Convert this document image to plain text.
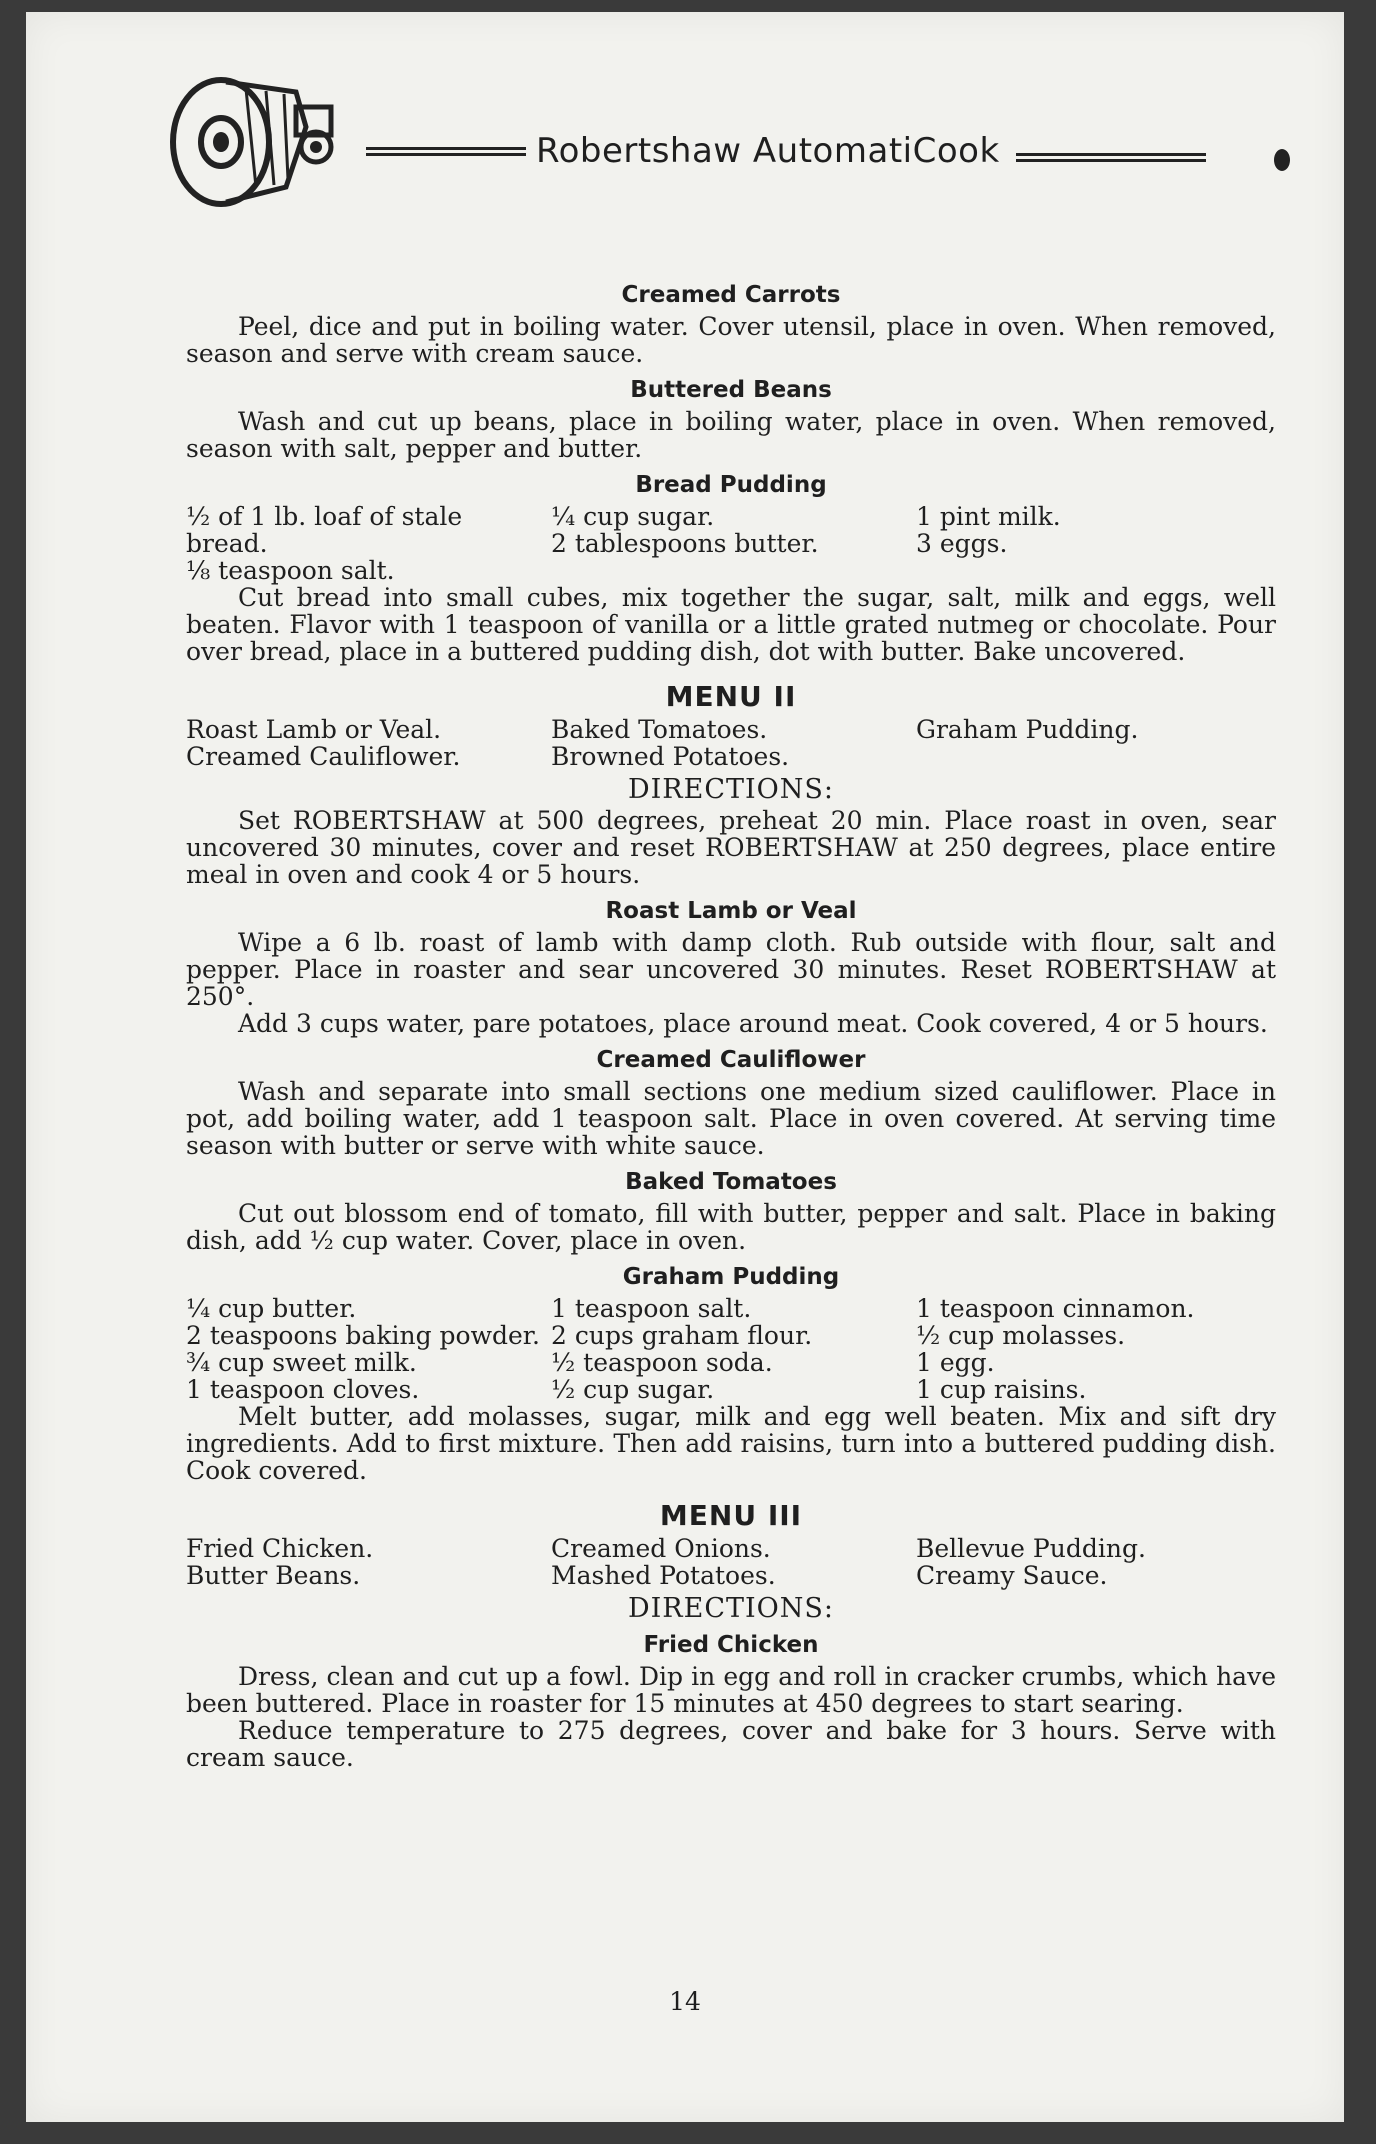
Robertshaw AutomatiCook
Creamed Carrots

Peel, dice and put in boiling water. Cover utensil, place in oven. When removed, season and serve with cream sauce.

Buttered Beans

Wash and cut up beans, place in boiling water, place in oven. When removed, season with salt, pepper and butter.

Bread Pudding
½ of 1 lb. loaf of stale
bread.
⅛ teaspoon salt.
¼ cup sugar.
2 tablespoons butter.
1 pint milk.
3 eggs.

Cut bread into small cubes, mix together the sugar, salt, milk and eggs, well beaten. Flavor with 1 teaspoon of vanilla or a little grated nutmeg or chocolate. Pour over bread, place in a buttered pudding dish, dot with butter. Bake uncovered.

MENU II
Roast Lamb or Veal.
Creamed Cauliflower.
Baked Tomatoes.
Browned Potatoes.
Graham Pudding.
DIRECTIONS:

Set ROBERTSHAW at 500 degrees, preheat 20 min. Place roast in oven, sear uncovered 30 minutes, cover and reset ROBERTSHAW at 250 degrees, place entire meal in oven and cook 4 or 5 hours.

Roast Lamb or Veal

Wipe a 6 lb. roast of lamb with damp cloth. Rub outside with flour, salt and pepper. Place in roaster and sear uncovered 30 minutes. Reset ROBERTSHAW at 250°.

Add 3 cups water, pare potatoes, place around meat. Cook covered, 4 or 5 hours.

Creamed Cauliflower

Wash and separate into small sections one medium sized cauliflower. Place in pot, add boiling water, add 1 teaspoon salt. Place in oven covered. At serving time season with butter or serve with white sauce.

Baked Tomatoes

Cut out blossom end of tomato, fill with butter, pepper and salt. Place in baking dish, add ½ cup water. Cover, place in oven.

Graham Pudding
¼ cup butter.
2 teaspoons baking powder.
¾ cup sweet milk.
1 teaspoon cloves.
1 teaspoon salt.
2 cups graham flour.
½ teaspoon soda.
½ cup sugar.
1 teaspoon cinnamon.
½ cup molasses.
1 egg.
1 cup raisins.

Melt butter, add molasses, sugar, milk and egg well beaten. Mix and sift dry ingredients. Add to first mixture. Then add raisins, turn into a buttered pudding dish. Cook covered.

MENU III
Fried Chicken.
Butter Beans.
Creamed Onions.
Mashed Potatoes.
Bellevue Pudding.
Creamy Sauce.
DIRECTIONS:
Fried Chicken

Dress, clean and cut up a fowl. Dip in egg and roll in cracker crumbs, which have been buttered. Place in roaster for 15 minutes at 450 degrees to start searing.

Reduce temperature to 275 degrees, cover and bake for 3 hours. Serve with cream sauce.

14
